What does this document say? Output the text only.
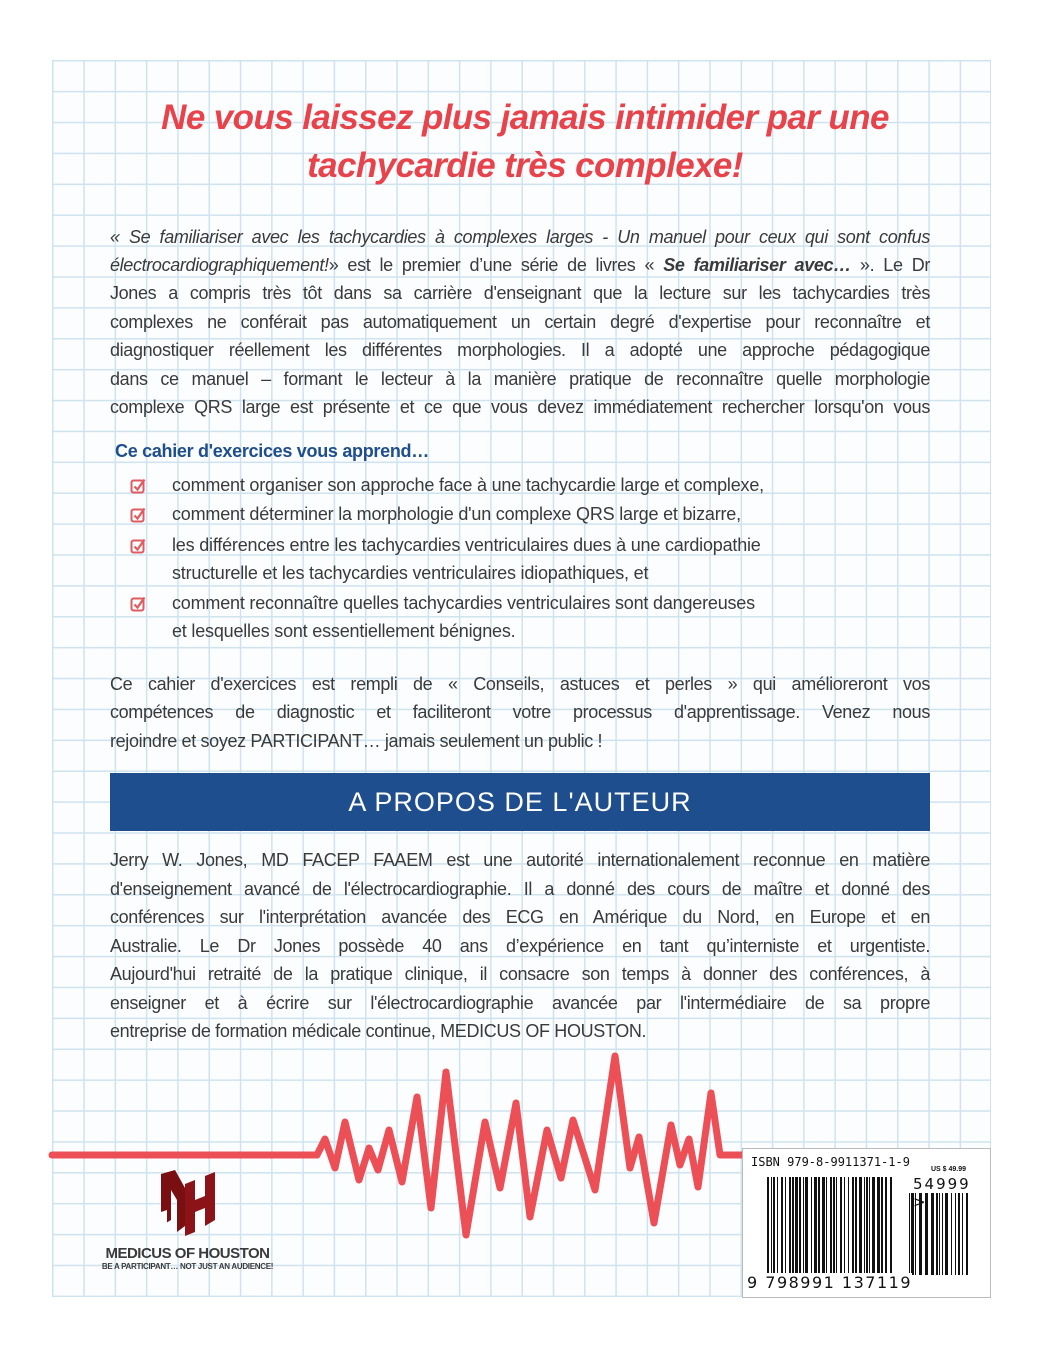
Ne vous laissez plus jamais intimider par une
tachycardie très complexe!
« Se familiariser avec les tachycardies à complexes larges - Un manuel pour ceux qui sont confus
électrocardiographiquement!» est le premier d’une série de livres « Se familiariser avec… ». Le Dr
Jones a compris très tôt dans sa carrière d'enseignant que la lecture sur les tachycardies très
complexes ne conférait pas automatiquement un certain degré d'expertise pour reconnaître et
diagnostiquer réellement les différentes morphologies. Il a adopté une approche pédagogique
dans ce manuel – formant le lecteur à la manière pratique de reconnaître quelle morphologie
complexe QRS large est présente et ce que vous devez immédiatement rechercher lorsqu'on vous
Ce cahier d'exercices vous apprend…
comment organiser son approche face à une tachycardie large et complexe,
comment déterminer la morphologie d'un complexe QRS large et bizarre,
les différences entre les tachycardies ventriculaires dues à une cardiopathie
structurelle et les tachycardies ventriculaires idiopathiques, et
comment reconnaître quelles tachycardies ventriculaires sont dangereuses
et lesquelles sont essentiellement bénignes.
Ce cahier d'exercices est rempli de « Conseils, astuces et perles » qui amélioreront vos
compétences de diagnostic et faciliteront votre processus d'apprentissage. Venez nous
rejoindre et soyez PARTICIPANT… jamais seulement un public !
A PROPOS DE L'AUTEUR
Jerry W. Jones, MD FACEP FAAEM est une autorité internationalement reconnue en matière
d'enseignement avancé de l'électrocardiographie. Il a donné des cours de maître et donné des
conférences sur l'interprétation avancée des ECG en Amérique du Nord, en Europe et en
Australie. Le Dr Jones possède 40 ans d’expérience en tant qu’interniste et urgentiste.
Aujourd'hui retraité de la pratique clinique, il consacre son temps à donner des conférences, à
enseigner et à écrire sur l'électrocardiographie avancée par l'intermédiaire de sa propre
entreprise de formation médicale continue, MEDICUS OF HOUSTON.
MEDICUS OF HOUSTON
BE A PARTICIPANT… NOT JUST AN AUDIENCE!
ISBN 979-8-9911371-1-9
US $ 49.99
54999
9 798991 137119
